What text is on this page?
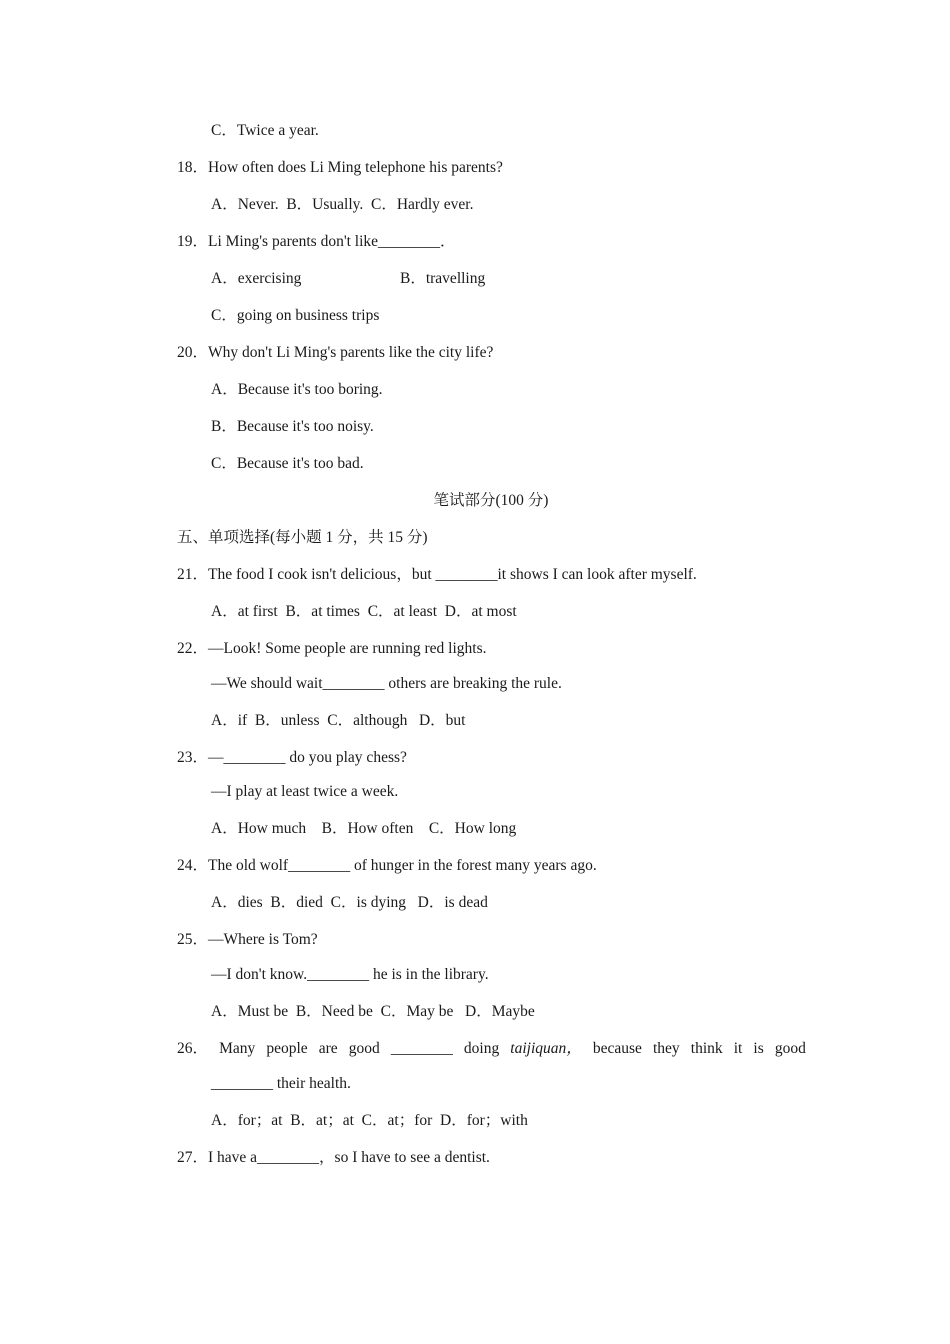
C．Twice a year.
18．How often does Li Ming telephone his parents?
A．Never.  B．Usually.  C．Hardly ever.
19．Li Ming's parents don't like________．
A．exercising	B．travelling
C．going on business trips
20．Why don't Li Ming's parents like the city life?
A．Because it's too boring.
B．Because it's too noisy.
C．Because it's too bad.
笔试部分(100 分)
五、单项选择(每小题 1 分，共 15 分)
21．The food I cook isn't delicious，but ________it shows I can look after myself.
A．at first  B．at times  C．at least  D．at most
22．—Look! Some people are running red lights.
—We should wait________ others are breaking the rule.
A．if  B．unless  C．although   D．but
23．—________ do you play chess?
—I play at least twice a week.
A．How much    B．How often    C．How long
24．The old wolf________ of hunger in the forest many years ago.
A．dies  B．died  C．is dying   D．is dead
25．—Where is Tom?
—I don't know.________ he is in the library.
A．Must be  B．Need be  C．May be   D．Maybe
26． Many people are good ________ doing taijiquan， because they think it is good
________ their health.
A．for；at  B．at；at  C．at；for  D．for；with
27．I have a________，so I have to see a dentist.
